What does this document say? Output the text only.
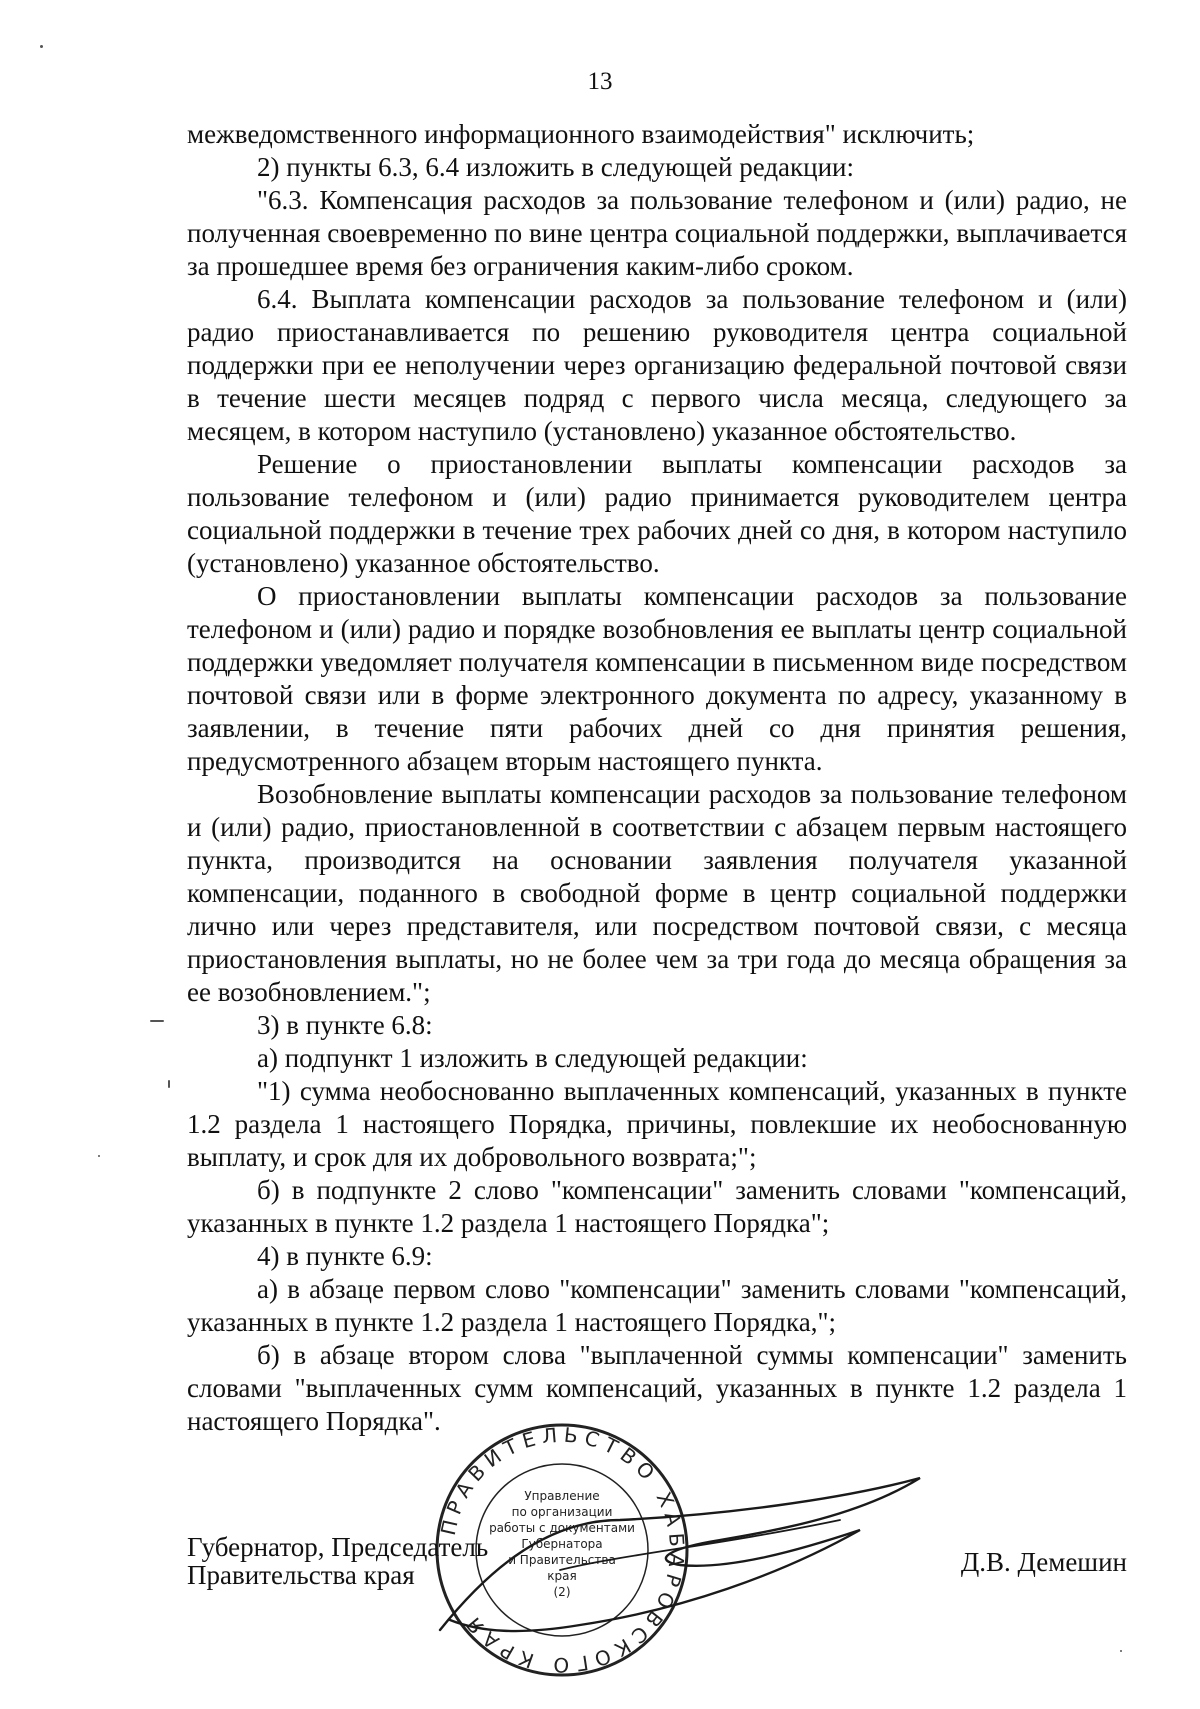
13

межведомственного информационного взаимодействия" исключить;

2) пункты 6.3, 6.4 изложить в следующей редакции:

"6.3. Компенсация расходов за пользование телефоном и (или) радио, не полученная своевременно по вине центра социальной поддержки, выплачивается за прошедшее время без ограничения каким-либо сроком.

6.4. Выплата компенсации расходов за пользование телефоном и (или) радио приостанавливается по решению руководителя центра социальной поддержки при ее неполучении через организацию федеральной почтовой связи в течение шести месяцев подряд с первого числа месяца, следующего за месяцем, в котором наступило (установлено) указанное обстоятельство.

Решение о приостановлении выплаты компенсации расходов за пользование телефоном и (или) радио принимается руководителем центра социальной поддержки в течение трех рабочих дней со дня, в котором наступило (установлено) указанное обстоятельство.

О приостановлении выплаты компенсации расходов за пользование телефоном и (или) радио и порядке возобновления ее выплаты центр социальной поддержки уведомляет получателя компенсации в письменном виде посредством почтовой связи или в форме электронного документа по адресу, указанному в заявлении, в течение пяти рабочих дней со дня принятия решения, предусмотренного абзацем вторым настоящего пункта.

Возобновление выплаты компенсации расходов за пользование телефоном и (или) радио, приостановленной в соответствии с абзацем первым настоящего пункта, производится на основании заявления получателя указанной компенсации, поданного в свободной форме в центр социальной поддержки лично или через представителя, или посредством почтовой связи, с месяца приостановления выплаты, но не более чем за три года до месяца обращения за ее возобновлением.";

3) в пункте 6.8:

а) подпункт 1 изложить в следующей редакции:

"1) сумма необоснованно выплаченных компенсаций, указанных в пункте 1.2 раздела 1 настоящего Порядка, причины, повлекшие их необоснованную выплату, и срок для их добровольного возврата;";

б) в подпункте 2 слово "компенсации" заменить словами "компенсаций, указанных в пункте 1.2 раздела 1 настоящего Порядка";

4) в пункте 6.9:

а) в абзаце первом слово "компенсации" заменить словами "компенсаций, указанных в пункте 1.2 раздела 1 настоящего Порядка,";

б) в абзаце втором слова "выплаченной суммы компенсации" заменить словами "выплаченных сумм компенсаций, указанных в пункте 1.2 раздела 1 настоящего Порядка".

ПРАВИТЕЛЬСТВО ХАБАРОВСКОГО КРАЯ
Управление
по организации
работы с документами
Губернатора
и Правительства
края
(2)
Губернатор, Председатель
Правительства края	Д.В. Демешин
